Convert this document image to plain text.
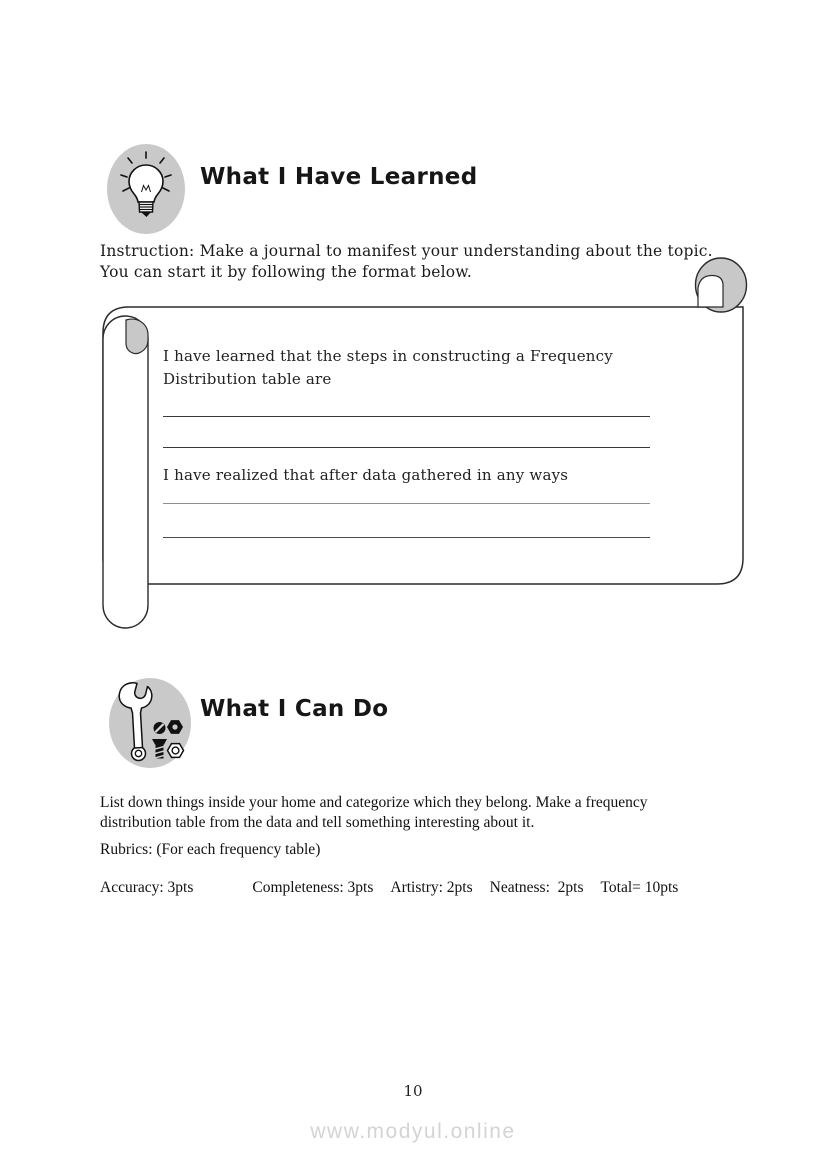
What I Have Learned
Instruction: Make a journal to manifest your understanding about the topic.
You can start it by following the format below.

I have learned that the steps in constructing a Frequency
Distribution table are

I have realized that after data gathered in any ways

What I Can Do
List down things inside your home and categorize which they belong. Make a frequency
distribution table from the data and tell something interesting about it.
Rubrics: (For each frequency table)
Accuracy: 3pts	Completeness: 3pts Artistry: 2pts Neatness:  2pts Total= 10pts
10
www.modyul.online
